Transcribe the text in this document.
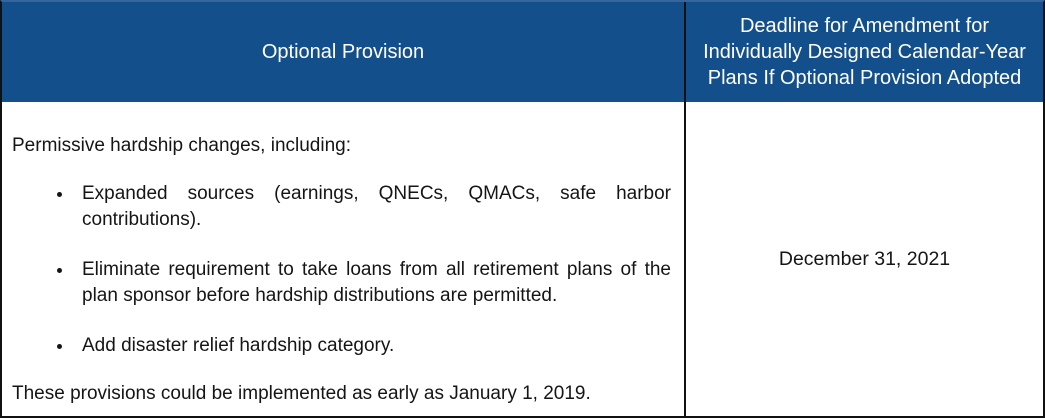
Optional Provision
Deadline for Amendment for Individually Designed Calendar-Year Plans If Optional Provision Adopted

Permissive hardship changes, including:

• Expanded sources (earnings, QNECs, QMACs, safe harbor contributions).
• Eliminate requirement to take loans from all retirement plans of the plan sponsor before hardship distributions are permitted.
• Add disaster relief hardship category.

These provisions could be implemented as early as January 1, 2019.

December 31, 2021
